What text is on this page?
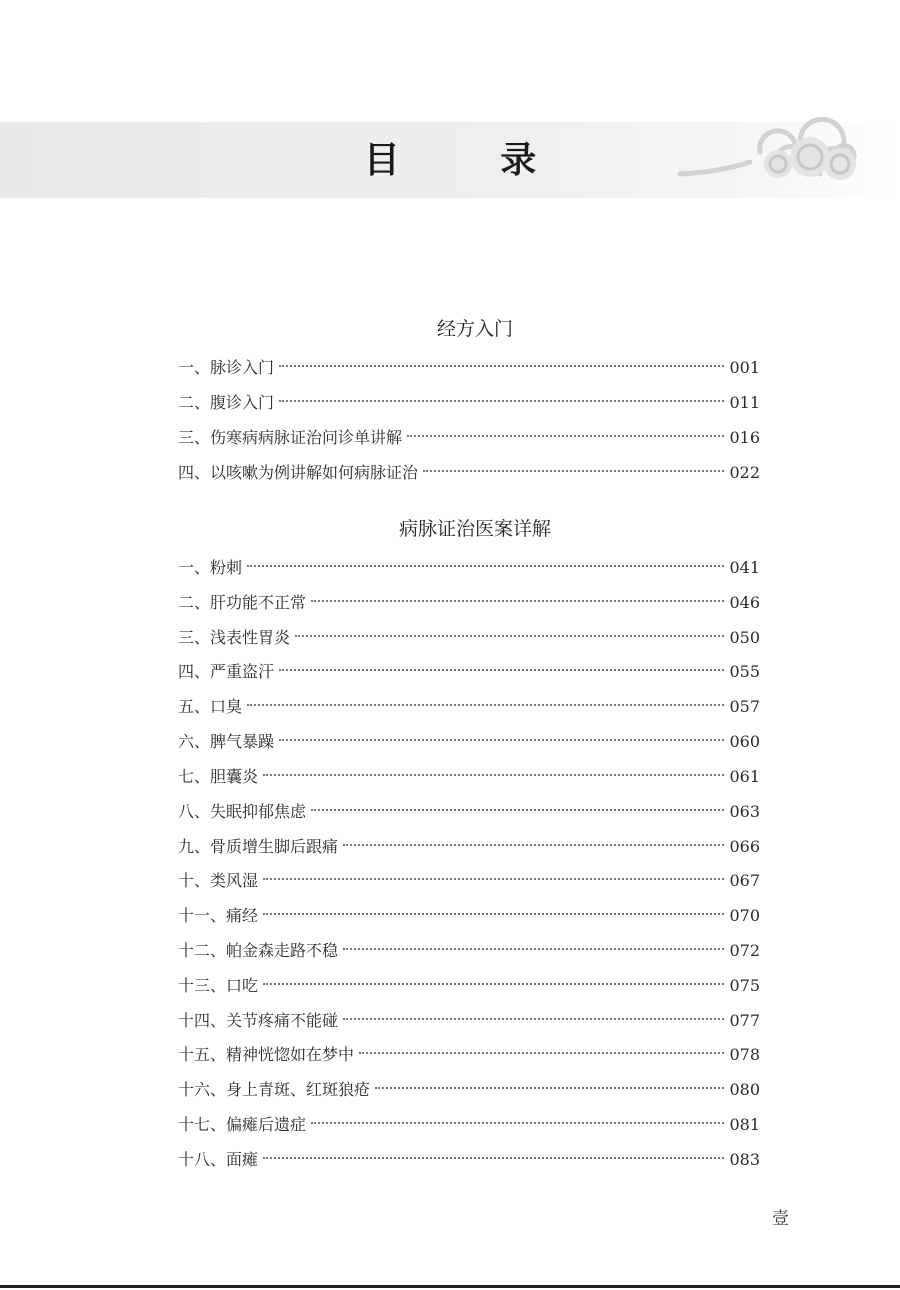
目 录
经方入门
病脉证治医案详解
壹
一、脉诊入门	001
二、腹诊入门	011
三、伤寒病病脉证治问诊单讲解	016
四、以咳嗽为例讲解如何病脉证治	022
一、粉刺	041
二、肝功能不正常	046
三、浅表性胃炎	050
四、严重盗汗	055
五、口臭	057
六、脾气暴躁	060
七、胆囊炎	061
八、失眠抑郁焦虑	063
九、骨质增生脚后跟痛	066
十、类风湿	067
十一、痛经	070
十二、帕金森走路不稳	072
十三、口吃	075
十四、关节疼痛不能碰	077
十五、精神恍惚如在梦中	078
十六、身上青斑、红斑狼疮	080
十七、偏瘫后遗症	081
十八、面瘫	083
